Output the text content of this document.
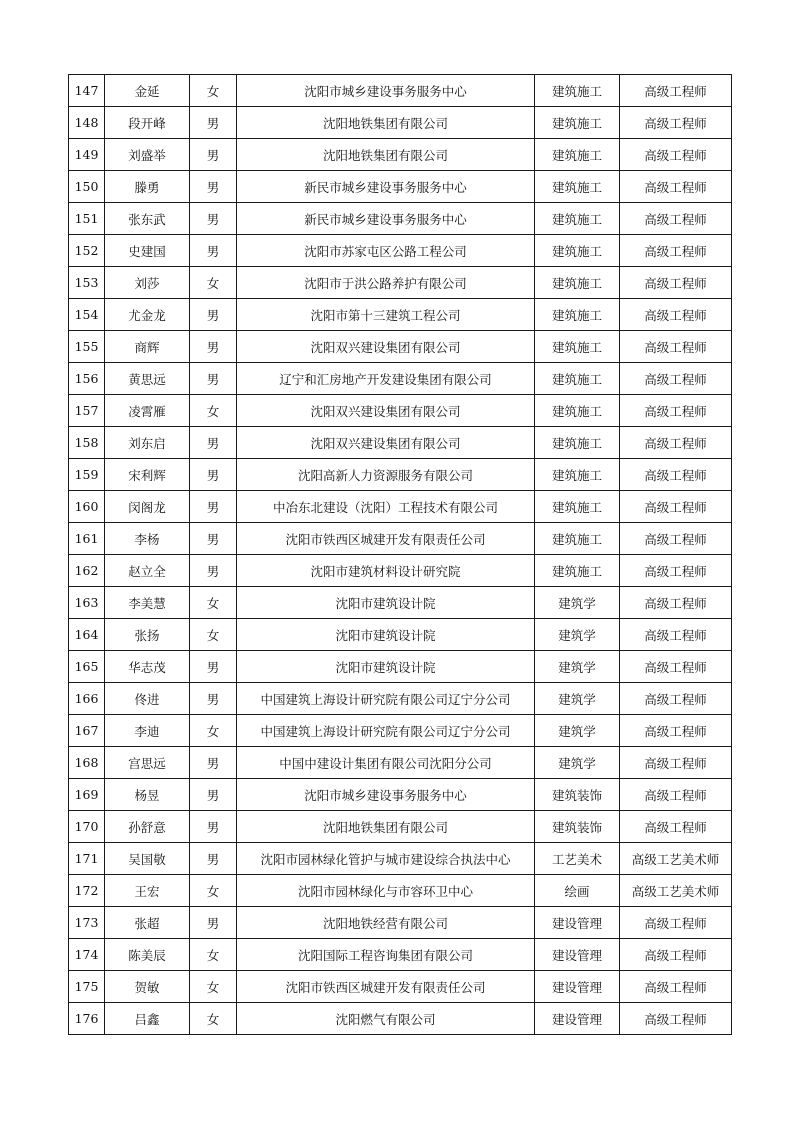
147	金延	女	沈阳市城乡建设事务服务中心	建筑施工	高级工程师
148	段开峰	男	沈阳地铁集团有限公司	建筑施工	高级工程师
149	刘盛举	男	沈阳地铁集团有限公司	建筑施工	高级工程师
150	滕勇	男	新民市城乡建设事务服务中心	建筑施工	高级工程师
151	张东武	男	新民市城乡建设事务服务中心	建筑施工	高级工程师
152	史建国	男	沈阳市苏家屯区公路工程公司	建筑施工	高级工程师
153	刘莎	女	沈阳市于洪公路养护有限公司	建筑施工	高级工程师
154	尤金龙	男	沈阳市第十三建筑工程公司	建筑施工	高级工程师
155	商辉	男	沈阳双兴建设集团有限公司	建筑施工	高级工程师
156	黄思远	男	辽宁和汇房地产开发建设集团有限公司	建筑施工	高级工程师
157	凌霄雁	女	沈阳双兴建设集团有限公司	建筑施工	高级工程师
158	刘东启	男	沈阳双兴建设集团有限公司	建筑施工	高级工程师
159	宋利辉	男	沈阳高新人力资源服务有限公司	建筑施工	高级工程师
160	闵阁龙	男	中冶东北建设（沈阳）工程技术有限公司	建筑施工	高级工程师
161	李杨	男	沈阳市铁西区城建开发有限责任公司	建筑施工	高级工程师
162	赵立全	男	沈阳市建筑材料设计研究院	建筑施工	高级工程师
163	李美慧	女	沈阳市建筑设计院	建筑学	高级工程师
164	张扬	女	沈阳市建筑设计院	建筑学	高级工程师
165	华志茂	男	沈阳市建筑设计院	建筑学	高级工程师
166	佟进	男	中国建筑上海设计研究院有限公司辽宁分公司	建筑学	高级工程师
167	李迪	女	中国建筑上海设计研究院有限公司辽宁分公司	建筑学	高级工程师
168	宫思远	男	中国中建设计集团有限公司沈阳分公司	建筑学	高级工程师
169	杨昱	男	沈阳市城乡建设事务服务中心	建筑装饰	高级工程师
170	孙舒意	男	沈阳地铁集团有限公司	建筑装饰	高级工程师
171	吴国敬	男	沈阳市园林绿化管护与城市建设综合执法中心	工艺美术	高级工艺美术师
172	王宏	女	沈阳市园林绿化与市容环卫中心	绘画	高级工艺美术师
173	张超	男	沈阳地铁经营有限公司	建设管理	高级工程师
174	陈美辰	女	沈阳国际工程咨询集团有限公司	建设管理	高级工程师
175	贺敏	女	沈阳市铁西区城建开发有限责任公司	建设管理	高级工程师
176	吕鑫	女	沈阳燃气有限公司	建设管理	高级工程师
